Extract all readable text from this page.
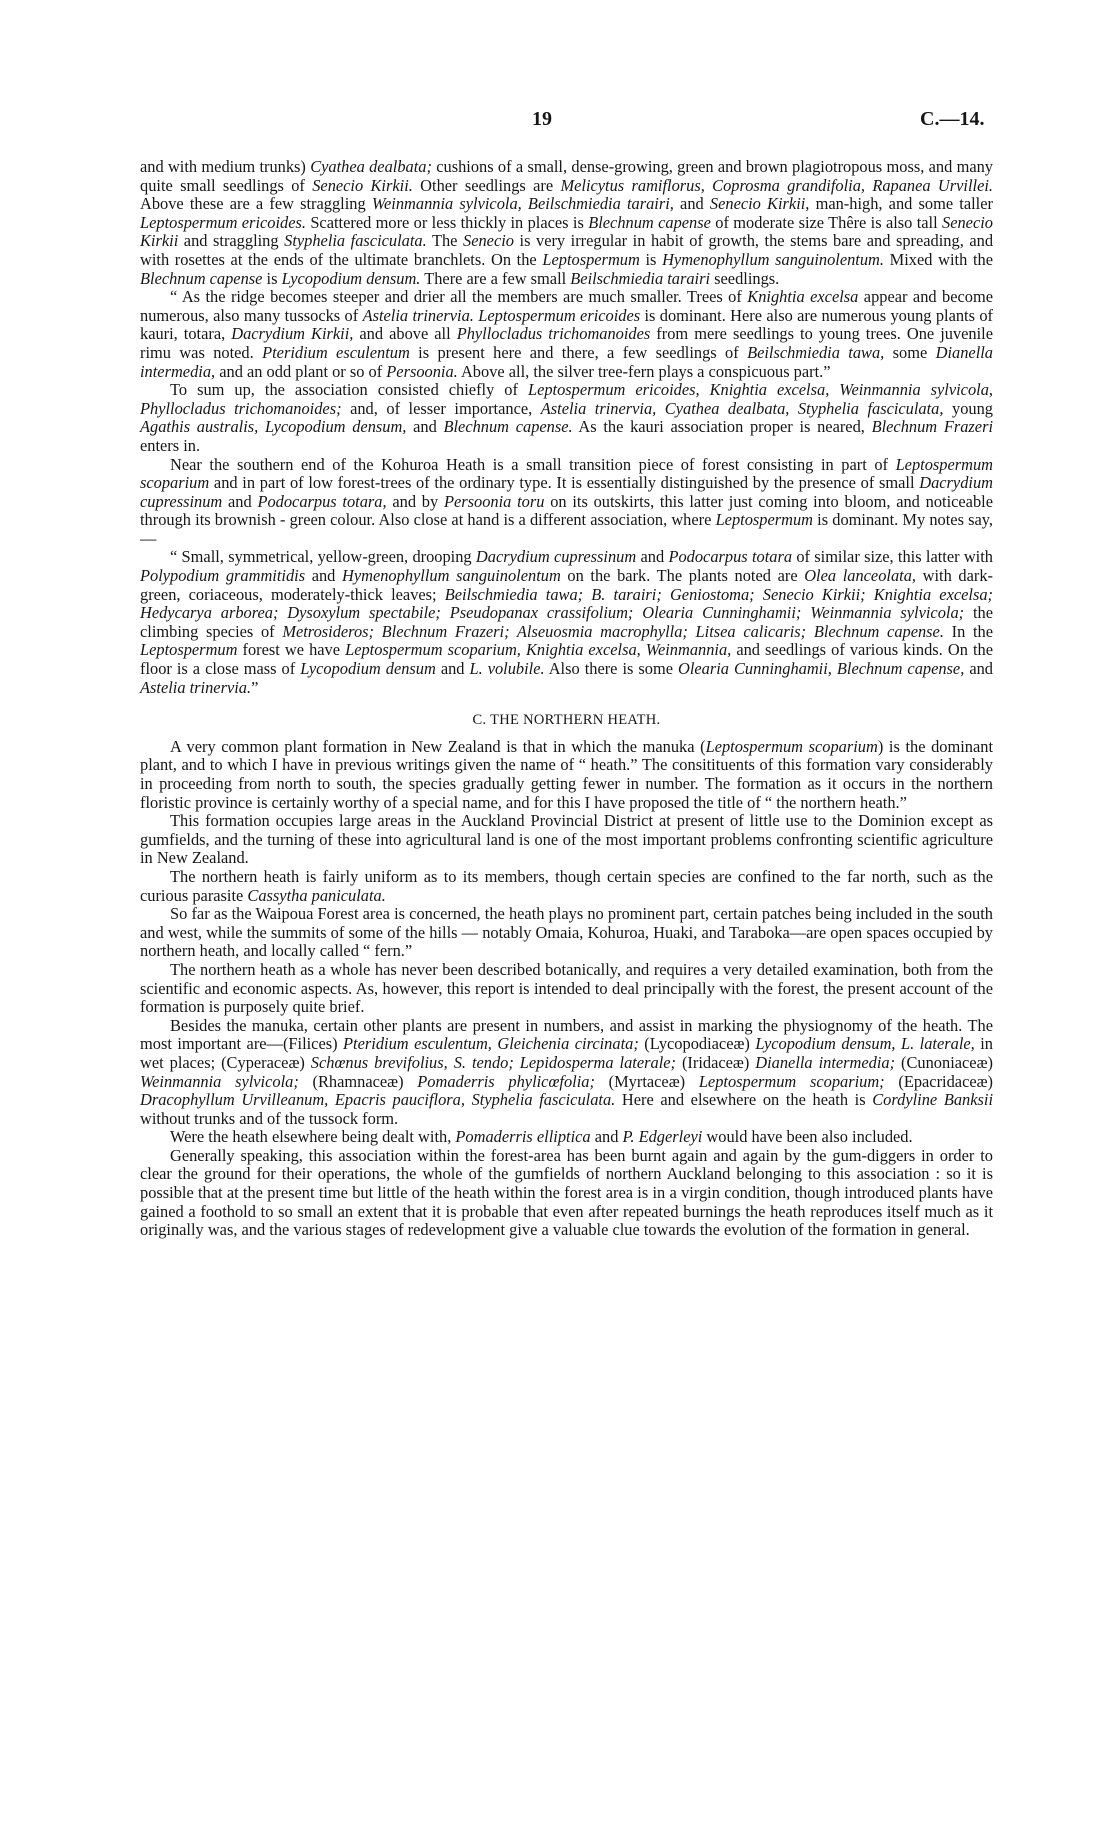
19	C.—14.

and with medium trunks) Cyathea dealbata; cushions of a small, dense-growing, green and brown plagiotropous moss, and many quite small seedlings of Senecio Kirkii. Other seedlings are Melicytus ramiflorus, Coprosma grandifolia, Rapanea Urvillei. Above these are a few straggling Weinmannia sylvicola, Beilschmiedia tarairi, and Senecio Kirkii, man-high, and some taller Leptospermum ericoides. Scattered more or less thickly in places is Blechnum capense of moderate size Thêre is also tall Senecio Kirkii and straggling Styphelia fasciculata. The Senecio is very irregular in habit of growth, the stems bare and spreading, and with rosettes at the ends of the ultimate branchlets. On the Leptospermum is Hymenophyllum sanguinolentum. Mixed with the Blechnum capense is Lycopodium densum. There are a few small Beilschmiedia tarairi seedlings.

“ As the ridge becomes steeper and drier all the members are much smaller. Trees of Knightia excelsa appear and become numerous, also many tussocks of Astelia trinervia. Leptospermum ericoides is dominant. Here also are numerous young plants of kauri, totara, Dacrydium Kirkii, and above all Phyllocladus trichomanoides from mere seedlings to young trees. One juvenile rimu was noted. Pteridium esculentum is present here and there, a few seedlings of Beilschmiedia tawa, some Dianella intermedia, and an odd plant or so of Persoonia. Above all, the silver tree-fern plays a conspicuous part.”

To sum up, the association consisted chiefly of Leptospermum ericoides, Knightia excelsa, Weinmannia sylvicola, Phyllocladus trichomanoides; and, of lesser importance, Astelia trinervia, Cyathea dealbata, Styphelia fasciculata, young Agathis australis, Lycopodium densum, and Blechnum capense. As the kauri association proper is neared, Blechnum Frazeri enters in.

Near the southern end of the Kohuroa Heath is a small transition piece of forest consisting in part of Leptospermum scoparium and in part of low forest-trees of the ordinary type. It is essentially distinguished by the presence of small Dacrydium cupressinum and Podocarpus totara, and by Persoonia toru on its outskirts, this latter just coming into bloom, and noticeable through its brownish - green colour. Also close at hand is a different association, where Leptospermum is dominant. My notes say,—

“ Small, symmetrical, yellow-green, drooping Dacrydium cupressinum and Podocarpus totara of similar size, this latter with Polypodium grammitidis and Hymenophyllum sanguinolentum on the bark. The plants noted are Olea lanceolata, with dark-green, coriaceous, moderately-thick leaves; Beilschmiedia tawa; B. tarairi; Geniostoma; Senecio Kirkii; Knightia excelsa; Hedycarya arborea; Dysoxylum spectabile; Pseudopanax crassifolium; Olearia Cunninghamii; Weinmannia sylvicola; the climbing species of Metrosideros; Blechnum Frazeri; Alseuosmia macrophylla; Litsea calicaris; Blechnum capense. In the Leptospermum forest we have Leptospermum scoparium, Knightia excelsa, Weinmannia, and seedlings of various kinds. On the floor is a close mass of Lycopodium densum and L. volubile. Also there is some Olearia Cunninghamii, Blechnum capense, and Astelia trinervia.”

C. THE NORTHERN HEATH.

A very common plant formation in New Zealand is that in which the manuka (Leptospermum scoparium) is the dominant plant, and to which I have in previous writings given the name of “ heath.” The consitituents of this formation vary considerably in proceeding from north to south, the species gradually getting fewer in number. The formation as it occurs in the northern floristic province is certainly worthy of a special name, and for this I have proposed the title of “ the northern heath.”

This formation occupies large areas in the Auckland Provincial District at present of little use to the Dominion except as gumfields, and the turning of these into agricultural land is one of the most important problems confronting scientific agriculture in New Zealand.

The northern heath is fairly uniform as to its members, though certain species are confined to the far north, such as the curious parasite Cassytha paniculata.

So far as the Waipoua Forest area is concerned, the heath plays no prominent part, certain patches being included in the south and west, while the summits of some of the hills — notably Omaia, Kohuroa, Huaki, and Taraboka—are open spaces occupied by northern heath, and locally called “ fern.”

The northern heath as a whole has never been described botanically, and requires a very detailed examination, both from the scientific and economic aspects. As, however, this report is intended to deal principally with the forest, the present account of the formation is purposely quite brief.

Besides the manuka, certain other plants are present in numbers, and assist in marking the physiognomy of the heath. The most important are—(Filices) Pteridium esculentum, Gleichenia circinata; (Lycopodiaceæ) Lycopodium densum, L. laterale, in wet places; (Cyperaceæ) Schœnus brevifolius, S. tendo; Lepidosperma laterale; (Iridaceæ) Dianella intermedia; (Cunoniaceæ) Weinmannia sylvicola; (Rhamnaceæ) Pomaderris phylicœfolia; (Myrtaceæ) Leptospermum scoparium; (Epacridaceæ) Dracophyllum Urvilleanum, Epacris pauciflora, Styphelia fasciculata. Here and elsewhere on the heath is Cordyline Banksii without trunks and of the tussock form.

Were the heath elsewhere being dealt with, Pomaderris elliptica and P. Edgerleyi would have been also included.

Generally speaking, this association within the forest-area has been burnt again and again by the gum-diggers in order to clear the ground for their operations, the whole of the gumfields of northern Auckland belonging to this association : so it is possible that at the present time but little of the heath within the forest area is in a virgin condition, though introduced plants have gained a foothold to so small an extent that it is probable that even after repeated burnings the heath reproduces itself much as it originally was, and the various stages of redevelopment give a valuable clue towards the evolution of the formation in general.
